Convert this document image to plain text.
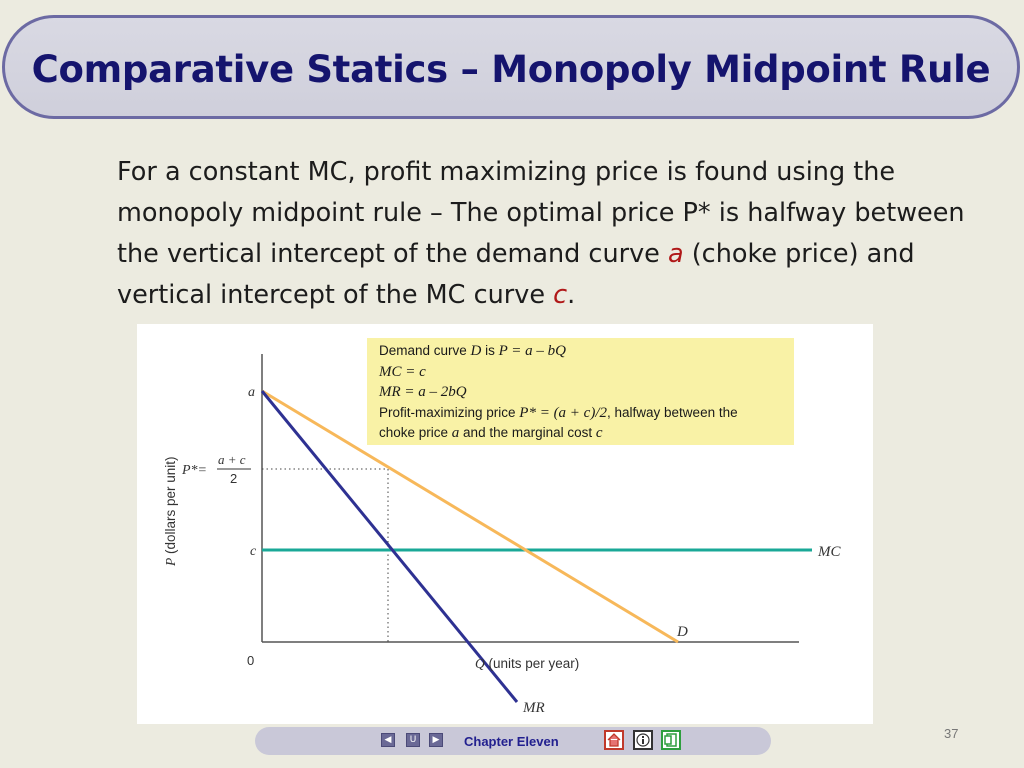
Comparative Statics – Monopoly Midpoint Rule
For a constant MC, profit maximizing price is found using the monopoly midpoint rule – The optimal price P* is halfway between the vertical intercept of the demand curve a (choke price) and vertical intercept of the MC curve c.
a
c
P*=
a + c
2
MC
D
MR
0	Q (units per year)
P (dollars per unit)
Demand curve D is P = a – bQ
MC = c
MR = a – 2bQ
Profit-maximizing price P* = (a + c)/2, halfway between the
choke price a and the marginal cost c
37
◀	U	▶ Chapter Eleven
